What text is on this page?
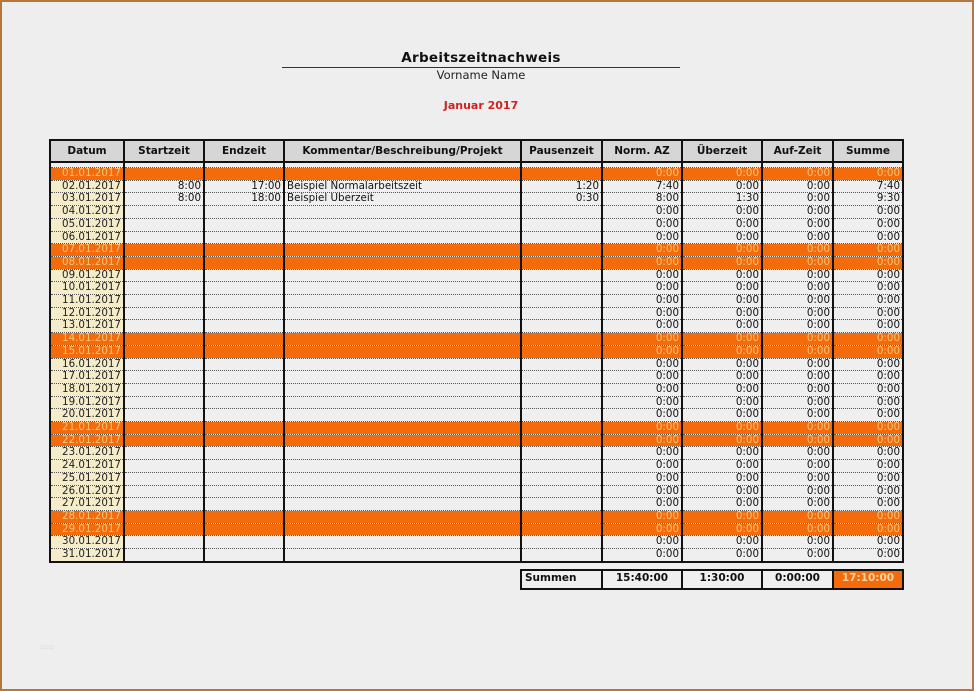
Arbeitszeitnachweis
Vorname Name
Januar 2017
Datum	Startzeit	Endzeit	Kommentar/Beschreibung/Projekt	Pausenzeit	Norm. AZ	Überzeit	Auf-Zeit	Summe

01.01.2017					0:00	0:00	0:00	0:00
02.01.2017	8:00	17:00	Beispiel Normalarbeitszeit	1:20	7:40	0:00	0:00	7:40
03.01.2017	8:00	18:00	Beispiel Überzeit	0:30	8:00	1:30	0:00	9:30
04.01.2017					0:00	0:00	0:00	0:00
05.01.2017					0:00	0:00	0:00	0:00
06.01.2017					0:00	0:00	0:00	0:00
07.01.2017					0:00	0:00	0:00	0:00
08.01.2017					0:00	0:00	0:00	0:00
09.01.2017					0:00	0:00	0:00	0:00
10.01.2017					0:00	0:00	0:00	0:00
11.01.2017					0:00	0:00	0:00	0:00
12.01.2017					0:00	0:00	0:00	0:00
13.01.2017					0:00	0:00	0:00	0:00
14.01.2017					0:00	0:00	0:00	0:00
15.01.2017					0:00	0:00	0:00	0:00
16.01.2017					0:00	0:00	0:00	0:00
17.01.2017					0:00	0:00	0:00	0:00
18.01.2017					0:00	0:00	0:00	0:00
19.01.2017					0:00	0:00	0:00	0:00
20.01.2017					0:00	0:00	0:00	0:00
21.01.2017					0:00	0:00	0:00	0:00
22.01.2017					0:00	0:00	0:00	0:00
23.01.2017					0:00	0:00	0:00	0:00
24.01.2017					0:00	0:00	0:00	0:00
25.01.2017					0:00	0:00	0:00	0:00
26.01.2017					0:00	0:00	0:00	0:00
27.01.2017					0:00	0:00	0:00	0:00
28.01.2017					0:00	0:00	0:00	0:00
29.01.2017					0:00	0:00	0:00	0:00
30.01.2017					0:00	0:00	0:00	0:00
31.01.2017					0:00	0:00	0:00	0:00

				Summen	15:40:00	1:30:00	0:00:00	17:10:00
▫▫▫
